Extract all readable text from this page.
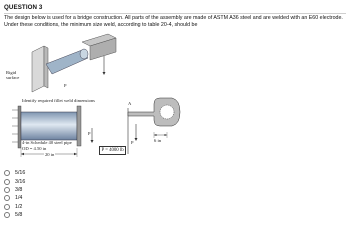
QUESTION 3
The design below is used for a bridge construction. All parts of the assembly are made of ASTM A36 steel and are welded with an E60 electrode. Under these conditions, the minimum size weld, according to table 20-4, should be
Rigid
surface
Identify required fillet weld dimensions
P
4-in Schedule 40 steel pipe
OD = 4.50 in
20 in
P
P = 4000 lb
P
A
6 in
5/16
3/16
3/8
1/4
1/2
5/8
